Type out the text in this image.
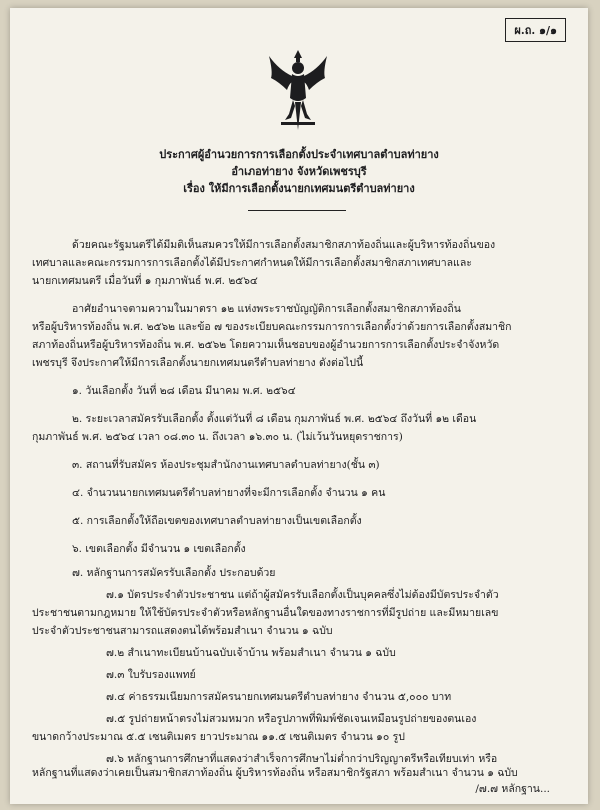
ผ.ถ. ๑/๑
ประกาศผู้อำนวยการการเลือกตั้งประจำเทศบาลตำบลท่ายาง
อำเภอท่ายาง จังหวัดเพชรบุรี
เรื่อง ให้มีการเลือกตั้งนายกเทศมนตรีตำบลท่ายาง
ด้วยคณะรัฐมนตรีได้มีมติเห็นสมควรให้มีการเลือกตั้งสมาชิกสภาท้องถิ่นและผู้บริหารท้องถิ่นของ
เทศบาลและคณะกรรมการการเลือกตั้งได้มีประกาศกำหนดให้มีการเลือกตั้งสมาชิกสภาเทศบาลและ
นายกเทศมนตรี เมื่อวันที่ ๑ กุมภาพันธ์ พ.ศ. ๒๕๖๔
อาศัยอำนาจตามความในมาตรา ๑๒ แห่งพระราชบัญญัติการเลือกตั้งสมาชิกสภาท้องถิ่น
หรือผู้บริหารท้องถิ่น พ.ศ. ๒๕๖๒ และข้อ ๗ ของระเบียบคณะกรรมการการเลือกตั้งว่าด้วยการเลือกตั้งสมาชิก
สภาท้องถิ่นหรือผู้บริหารท้องถิ่น พ.ศ. ๒๕๖๒ โดยความเห็นชอบของผู้อำนวยการการเลือกตั้งประจำจังหวัด
เพชรบุรี จึงประกาศให้มีการเลือกตั้งนายกเทศมนตรีตำบลท่ายาง ดังต่อไปนี้
๑. วันเลือกตั้ง วันที่ ๒๘ เดือน มีนาคม พ.ศ. ๒๕๖๔
๒. ระยะเวลาสมัครรับเลือกตั้ง ตั้งแต่วันที่ ๘ เดือน กุมภาพันธ์ พ.ศ. ๒๕๖๔ ถึงวันที่ ๑๒ เดือน
กุมภาพันธ์ พ.ศ. ๒๕๖๔ เวลา ๐๘.๓๐ น. ถึงเวลา ๑๖.๓๐ น. (ไม่เว้นวันหยุดราชการ)
๓. สถานที่รับสมัคร ห้องประชุมสำนักงานเทศบาลตำบลท่ายาง(ชั้น ๓)
๔. จำนวนนายกเทศมนตรีตำบลท่ายางที่จะมีการเลือกตั้ง จำนวน ๑ คน
๕. การเลือกตั้งให้ถือเขตของเทศบาลตำบลท่ายางเป็นเขตเลือกตั้ง
๖. เขตเลือกตั้ง มีจำนวน ๑ เขตเลือกตั้ง
๗. หลักฐานการสมัครรับเลือกตั้ง ประกอบด้วย
๗.๑ บัตรประจำตัวประชาชน แต่ถ้าผู้สมัครรับเลือกตั้งเป็นบุคคลซึ่งไม่ต้องมีบัตรประจำตัว
ประชาชนตามกฎหมาย ให้ใช้บัตรประจำตัวหรือหลักฐานอื่นใดของทางราชการที่มีรูปถ่าย และมีหมายเลข
ประจำตัวประชาชนสามารถแสดงตนได้พร้อมสำเนา จำนวน ๑ ฉบับ
๗.๒ สำเนาทะเบียนบ้านฉบับเจ้าบ้าน พร้อมสำเนา จำนวน ๑ ฉบับ
๗.๓ ใบรับรองแพทย์
๗.๔ ค่าธรรมเนียมการสมัครนายกเทศมนตรีตำบลท่ายาง จำนวน ๕,๐๐๐ บาท
๗.๕ รูปถ่ายหน้าตรงไม่สวมหมวก หรือรูปภาพที่พิมพ์ชัดเจนเหมือนรูปถ่ายของตนเอง
ขนาดกว้างประมาณ ๕.๕ เซนติเมตร ยาวประมาณ ๑๑.๕ เซนติเมตร จำนวน ๑๐ รูป
๗.๖ หลักฐานการศึกษาที่แสดงว่าสำเร็จการศึกษาไม่ต่ำกว่าปริญญาตรีหรือเทียบเท่า หรือ
หลักฐานที่แสดงว่าเคยเป็นสมาชิกสภาท้องถิ่น ผู้บริหารท้องถิ่น หรือสมาชิกรัฐสภา พร้อมสำเนา จำนวน ๑ ฉบับ
/๗.๗ หลักฐาน...
